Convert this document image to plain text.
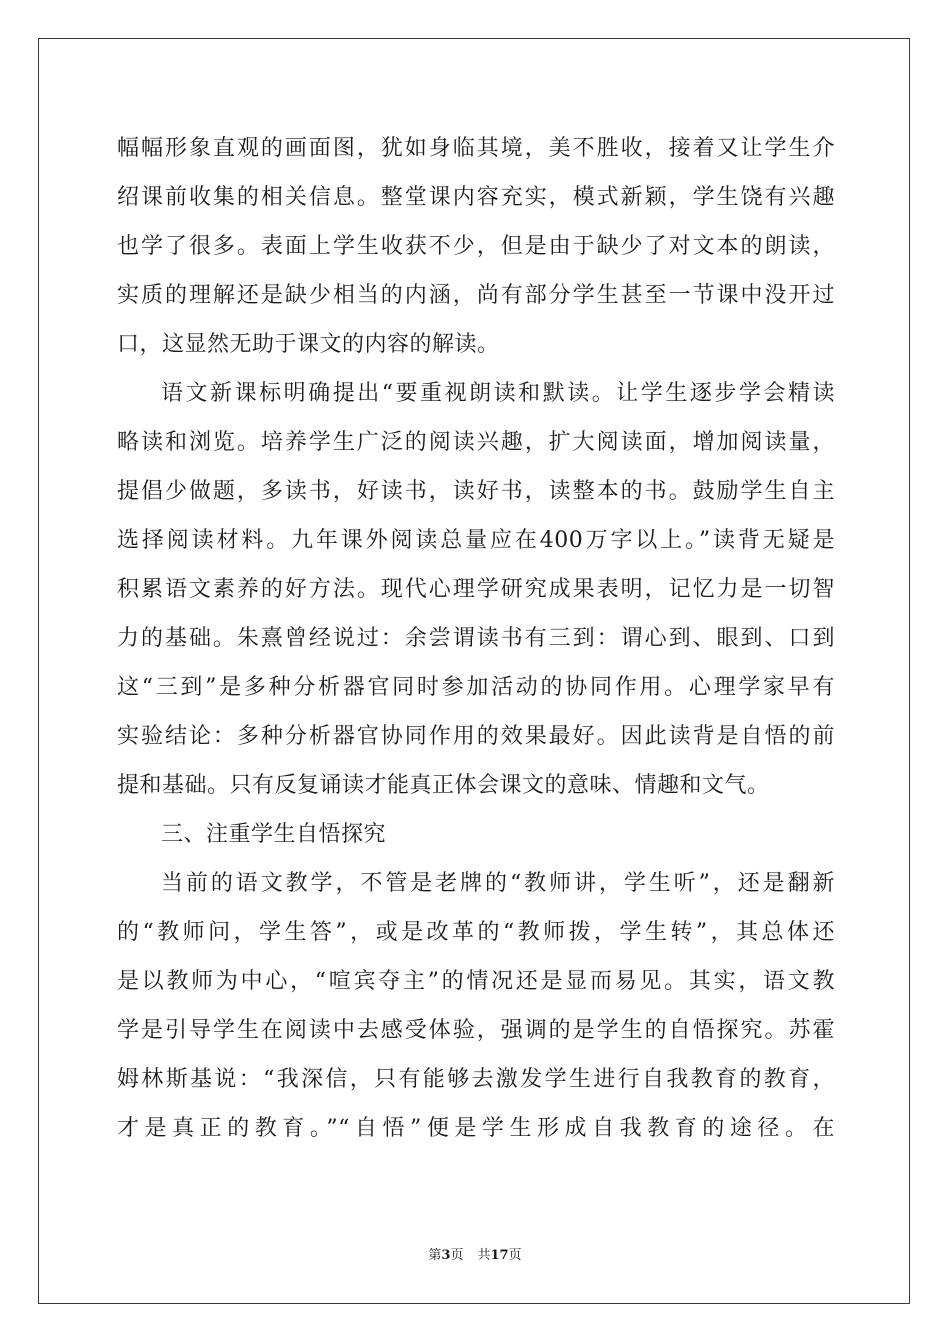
幅幅形象直观的画面图，犹如身临其境，美不胜收，接着又让学生介
绍课前收集的相关信息。整堂课内容充实，模式新颖，学生饶有兴趣
也学了很多。表面上学生收获不少，但是由于缺少了对文本的朗读，
实质的理解还是缺少相当的内涵，尚有部分学生甚至一节课中没开过
口，这显然无助于课文的内容的解读。
语文新课标明确提出“要重视朗读和默读。让学生逐步学会精读
略读和浏览。培养学生广泛的阅读兴趣，扩大阅读面，增加阅读量，
提倡少做题，多读书，好读书，读好书，读整本的书。鼓励学生自主
选择阅读材料。九年课外阅读总量应在400万字以上。”读背无疑是
积累语文素养的好方法。现代心理学研究成果表明，记忆力是一切智
力的基础。朱熹曾经说过：余尝谓读书有三到：谓心到、眼到、口到
这“三到”是多种分析器官同时参加活动的协同作用。心理学家早有
实验结论：多种分析器官协同作用的效果最好。因此读背是自悟的前
提和基础。只有反复诵读才能真正体会课文的意味、情趣和文气。
三、注重学生自悟探究
当前的语文教学，不管是老牌的“教师讲，学生听”，还是翻新
的“教师问，学生答”，或是改革的“教师拨，学生转”，其总体还
是以教师为中心，“喧宾夺主”的情况还是显而易见。其实，语文教
学是引导学生在阅读中去感受体验，强调的是学生的自悟探究。苏霍
姆林斯基说：“我深信，只有能够去激发学生进行自我教育的教育，
才是真正的教育。”“自悟”便是学生形成自我教育的途径。在
第3页 共17页
